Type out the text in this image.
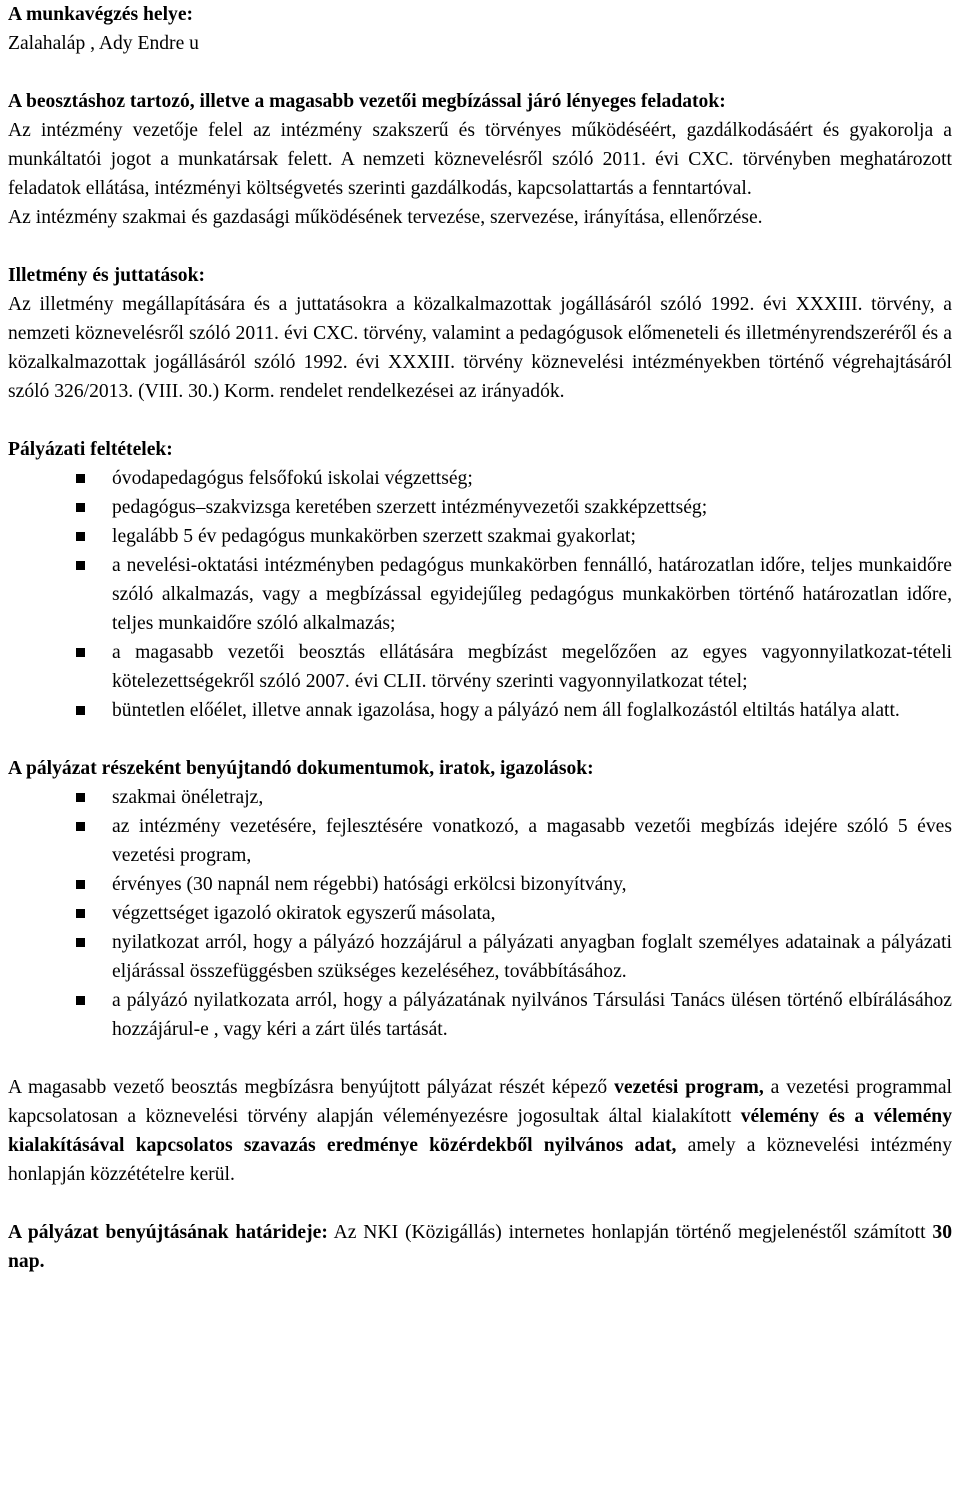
A munkavégzés helye:

Zalahaláp , Ady Endre u

A beosztáshoz tartozó, illetve a magasabb vezetői megbízással járó lényeges feladatok:

Az intézmény vezetője felel az intézmény szakszerű és törvényes működéséért, gazdálkodásáért és gyakorolja a munkáltatói jogot a munkatársak felett. A nemzeti köznevelésről szóló 2011. évi CXC. törvényben meghatározott feladatok ellátása, intézményi költségvetés szerinti gazdálkodás, kapcsolattartás a fenntartóval.

Az intézmény szakmai és gazdasági működésének tervezése, szervezése, irányítása, ellenőrzése.

Illetmény és juttatások:

Az illetmény megállapítására és a juttatásokra a közalkalmazottak jogállásáról szóló 1992. évi XXXIII. törvény, a nemzeti köznevelésről szóló 2011. évi CXC. törvény, valamint a pedagógusok előmeneteli és illetményrendszeréről és a közalkalmazottak jogállásáról szóló 1992. évi XXXIII. törvény köznevelési intézményekben történő végrehajtásáról szóló 326/2013. (VIII. 30.) Korm. rendelet rendelkezései az irányadók.

Pályázati feltételek:

óvodapedagógus felsőfokú iskolai végzettség;
pedagógus–szakvizsga keretében szerzett intézményvezetői szakképzettség;
legalább 5 év pedagógus munkakörben szerzett szakmai gyakorlat;
a nevelési-oktatási intézményben pedagógus munkakörben fennálló, határozatlan időre, teljes munkaidőre szóló alkalmazás, vagy a megbízással egyidejűleg pedagógus munkakörben történő határozatlan időre, teljes munkaidőre szóló alkalmazás;
a magasabb vezetői beosztás ellátására megbízást megelőzően az egyes vagyonnyilatkozat-tételi kötelezettségekről szóló 2007. évi CLII. törvény szerinti vagyonnyilatkozat tétel;
büntetlen előélet, illetve annak igazolása, hogy a pályázó nem áll foglalkozástól eltiltás hatálya alatt.

A pályázat részeként benyújtandó dokumentumok, iratok, igazolások:

szakmai önéletrajz,
az intézmény vezetésére, fejlesztésére vonatkozó, a magasabb vezetői megbízás idejére szóló 5 éves vezetési program,
érvényes (30 napnál nem régebbi) hatósági erkölcsi bizonyítvány,
végzettséget igazoló okiratok egyszerű másolata,
nyilatkozat arról, hogy a pályázó hozzájárul a pályázati anyagban foglalt személyes adatainak a pályázati eljárással összefüggésben szükséges kezeléséhez, továbbításához.
a pályázó nyilatkozata arról, hogy a pályázatának nyilvános Társulási Tanács ülésen történő elbírálásához hozzájárul-e , vagy kéri a zárt ülés tartását.

A magasabb vezető beosztás megbízásra benyújtott pályázat részét képező vezetési program, a vezetési programmal kapcsolatosan a köznevelési törvény alapján véleményezésre jogosultak által kialakított vélemény és a vélemény kialakításával kapcsolatos szavazás eredménye közérdekből nyilvános adat, amely a köznevelési intézmény honlapján közzétételre kerül.

A pályázat benyújtásának határideje: Az NKI (Közigállás) internetes honlapján történő megjelenéstől számított 30 nap.
